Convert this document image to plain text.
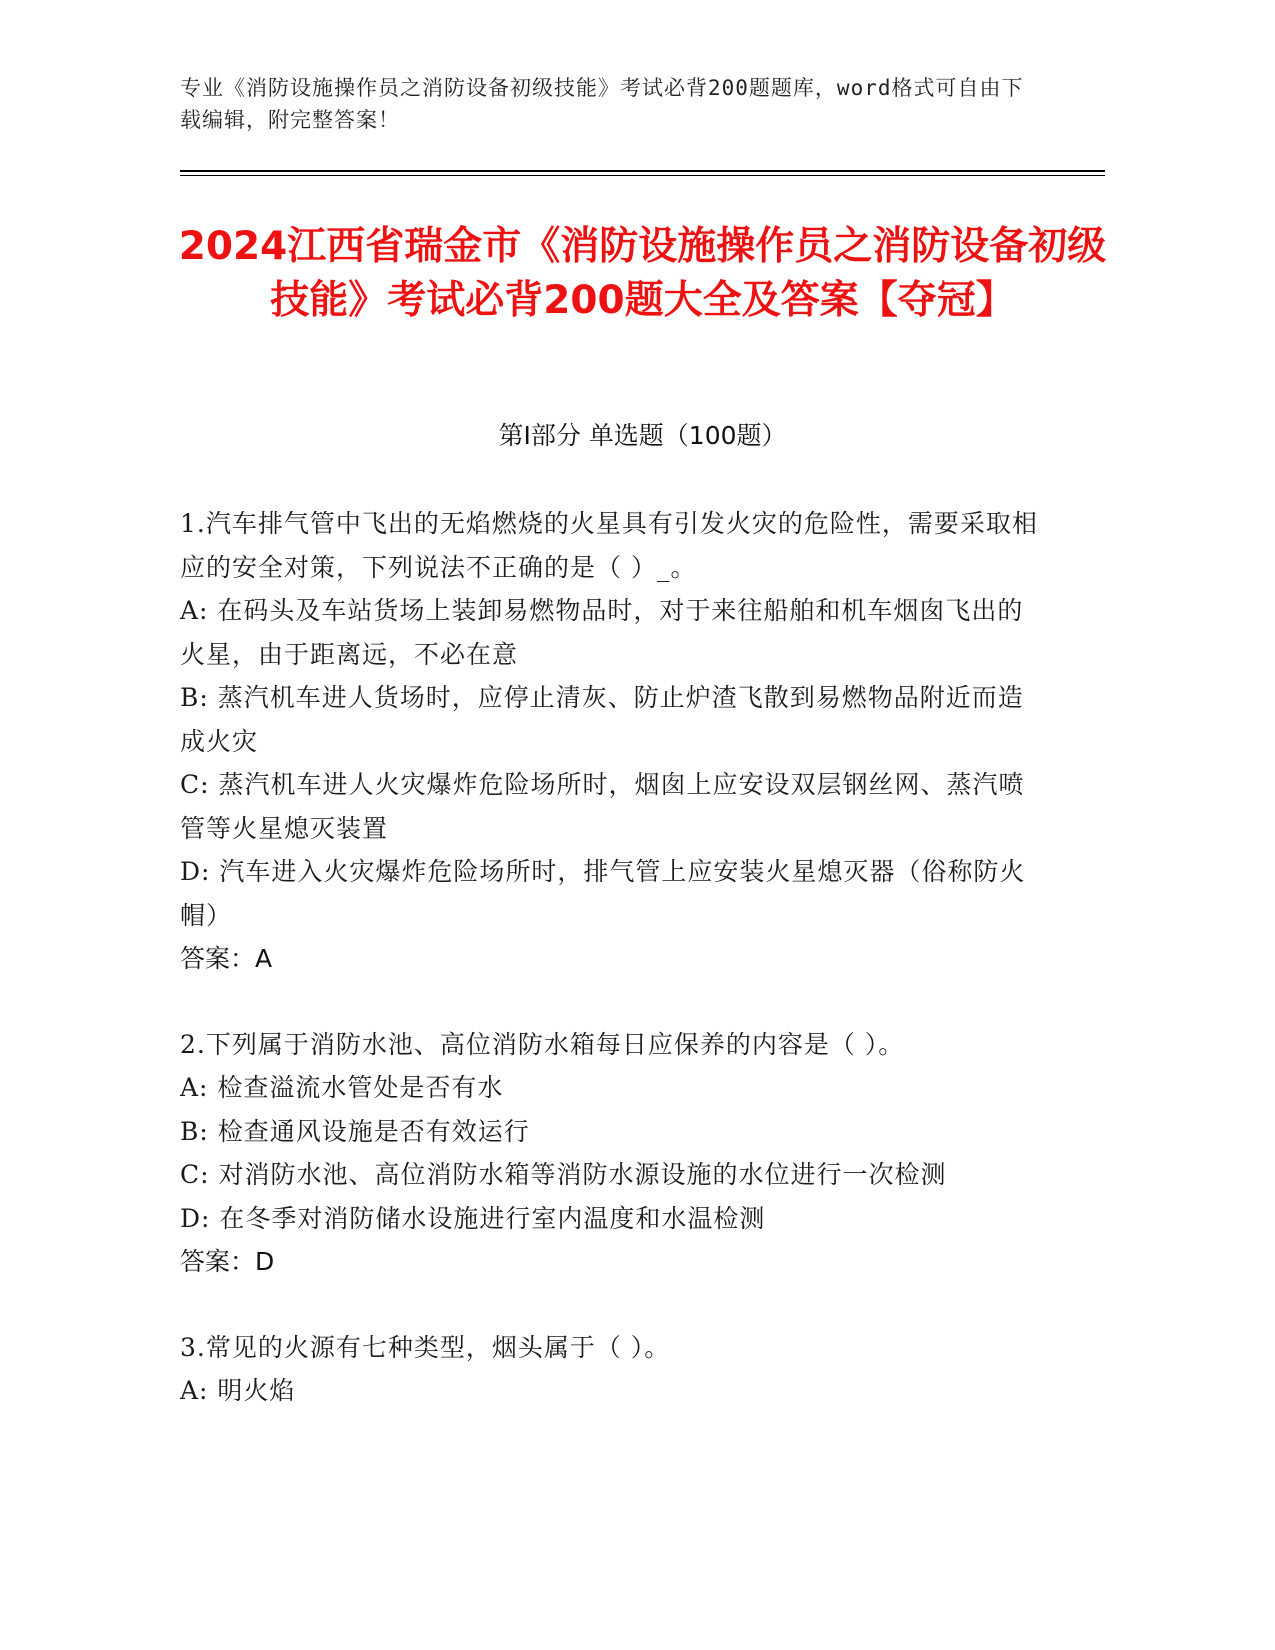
专业《消防设施操作员之消防设备初级技能》考试必背200题题库，word格式可自由下载编辑，附完整答案！
2024江西省瑞金市《消防设施操作员之消防设备初级技能》考试必背200题大全及答案【夺冠】
第Ⅰ部分 单选题（100题）
1.汽车排气管中飞出的无焰燃烧的火星具有引发火灾的危险性，需要采取相应的安全对策，下列说法不正确的是（ ）_。
A: 在码头及车站货场上装卸易燃物品时，对于来往船舶和机车烟囱飞出的火星，由于距离远，不必在意
B: 蒸汽机车进人货场时，应停止清灰、防止炉渣飞散到易燃物品附近而造成火灾
C: 蒸汽机车进人火灾爆炸危险场所时，烟囱上应安设双层钢丝网、蒸汽喷管等火星熄灭装置
D: 汽车进入火灾爆炸危险场所时，排气管上应安装火星熄灭器（俗称防火帽）
答案：A
2.下列属于消防水池、高位消防水箱每日应保养的内容是（ ）。
A: 检查溢流水管处是否有水
B: 检查通风设施是否有效运行
C: 对消防水池、高位消防水箱等消防水源设施的水位进行一次检测
D: 在冬季对消防储水设施进行室内温度和水温检测
答案：D
3.常见的火源有七种类型，烟头属于（ ）。
A: 明火焰
